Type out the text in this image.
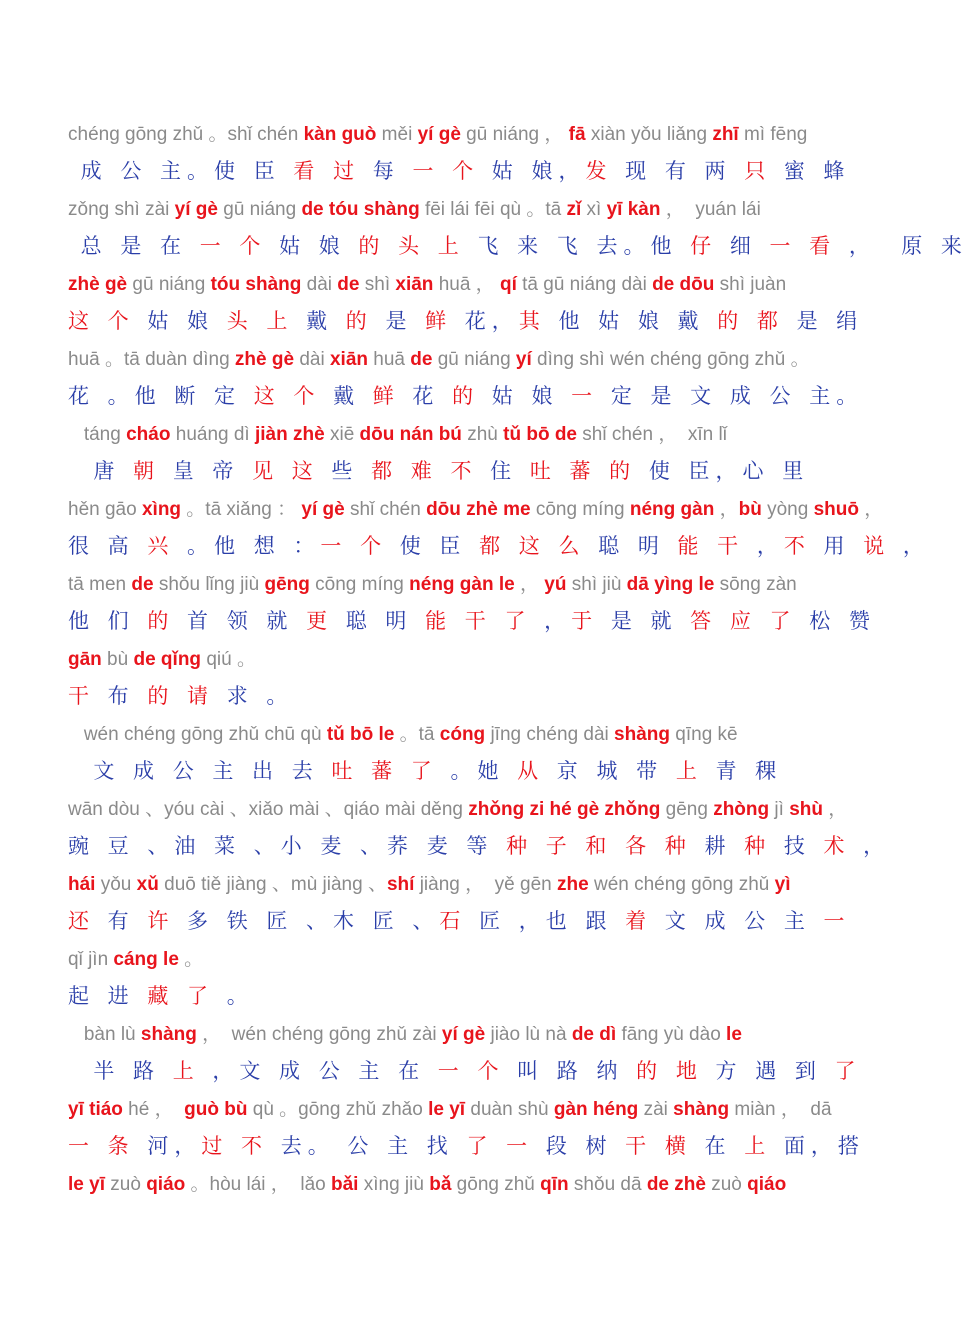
chéng gōng zhǔ 。shǐ chén kàn guò měi yí gè gū niáng ， fā xiàn yǒu liǎng zhī mì fēng
成 公 主。使 臣 看 过 每 一 个 姑 娘，发 现 有 两 只 蜜 蜂
zǒng shì zài yí gè gū niáng de tóu shàng fēi lái fēi qù 。tā zǐ xì yī kàn ，  yuán lái
总 是 在 一 个 姑 娘 的 头 上 飞 来 飞 去。他 仔 细 一 看 ，  原 来
zhè gè gū niáng tóu shàng dài de shì xiān huā ， qí tā gū niáng dài de dōu shì juàn
这 个 姑 娘 头 上 戴 的 是 鲜 花，其 他 姑 娘 戴 的 都 是 绢
huā 。tā duàn dìng zhè gè dài xiān huā de gū niáng yí dìng shì wén chéng gōng zhǔ 。
花 。他 断 定 这 个 戴 鲜 花 的 姑 娘 一 定 是 文 成 公 主。
táng cháo huáng dì jiàn zhè xiē dōu nán bú zhù tǔ bō de shǐ chén ，  xīn lǐ
唐 朝 皇 帝 见 这 些 都 难 不 住 吐 蕃 的 使 臣，心 里
hěn gāo xìng 。tā xiǎng ： yí gè shǐ chén dōu zhè me cōng míng néng gàn ，bù yòng shuō ，
很 高 兴 。他 想 ：一 个 使 臣 都 这 么 聪 明 能 干 ，不 用 说 ，
tā men de shǒu lǐng jiù gēng cōng míng néng gàn le ， yú shì jiù dā yìng le sōng zàn
他 们 的 首 领 就 更 聪 明 能 干 了 ，于 是 就 答 应 了 松 赞
gān bù de qǐng qiú 。
干 布 的 请 求 。
wén chéng gōng zhǔ chū qù tǔ bō le 。tā cóng jīng chéng dài shàng qīng kē
文 成 公 主 出 去 吐 蕃 了 。她 从 京 城 带 上 青 稞
wān dòu 、yóu cài 、xiǎo mài 、qiáo mài děng zhǒng zi hé gè zhǒng gēng zhòng jì shù ，
豌 豆 、油 菜 、小 麦 、荞 麦 等 种 子 和 各 种 耕 种 技 术 ，
hái yǒu xǔ duō tiě jiàng 、mù jiàng 、shí jiàng ，  yě gēn zhe wén chéng gōng zhǔ yì
还 有 许 多 铁 匠 、木 匠 、石 匠 ，也 跟 着 文 成 公 主 一
qǐ jìn cáng le 。
起 进 藏 了 。
bàn lù shàng ，  wén chéng gōng zhǔ zài yí gè jiào lù nà de dì fāng yù dào le
半 路 上 ，文 成 公 主 在 一 个 叫 路 纳 的 地 方 遇 到 了
yī tiáo hé ，  guò bù qù 。gōng zhǔ zhǎo le yī duàn shù gàn héng zài shàng miàn ，  dā
一 条 河，过 不 去。 公 主 找 了 一 段 树 干 横 在 上 面，搭
le yī zuò qiáo 。hòu lái ，  lǎo bǎi xìng jiù bǎ gōng zhǔ qīn shǒu dā de zhè zuò qiáo
